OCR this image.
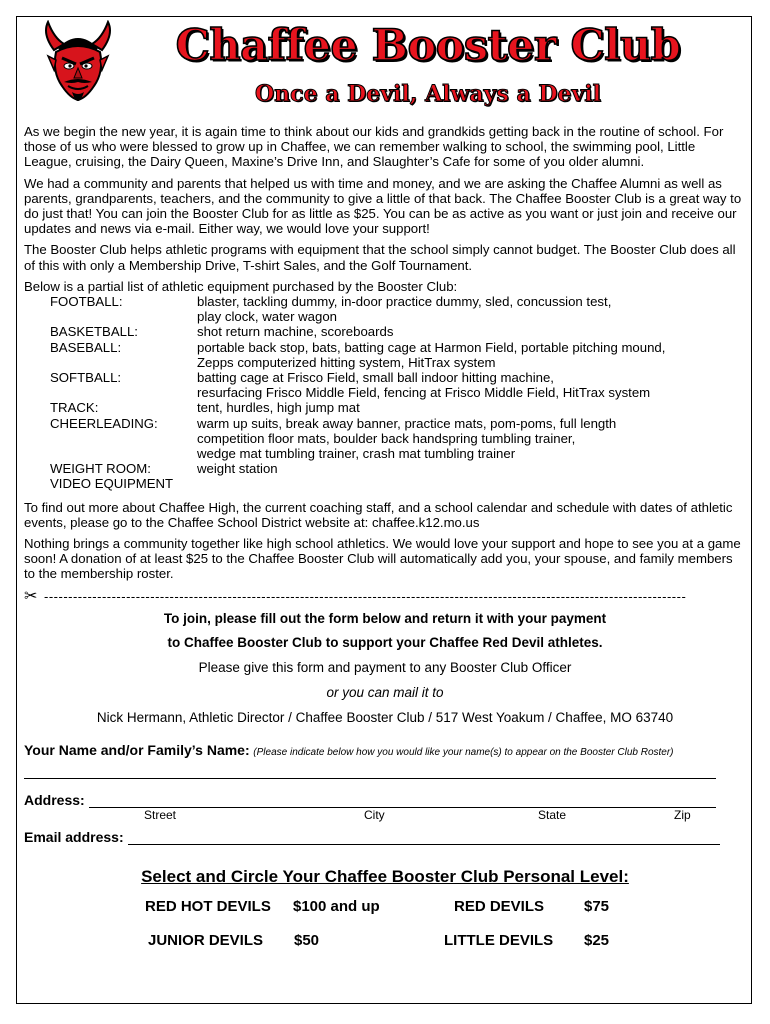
Chaffee Booster Club
Once a Devil, Always a Devil

As we begin the new year, it is again time to think about our kids and grandkids getting back in the routine of school. For those of us who were blessed to grow up in Chaffee, we can remember walking to school, the swimming pool, Little League, cruising, the Dairy Queen, Maxine’s Drive Inn, and Slaughter’s Cafe for some of you older alumni.

We had a community and parents that helped us with time and money, and we are asking the Chaffee Alumni as well as parents, grandparents, teachers, and the community to give a little of that back. The Chaffee Booster Club is a great way to do just that! You can join the Booster Club for as little as $25. You can be as active as you want or just join and receive our updates and news via e-mail. Either way, we would love your support!

The Booster Club helps athletic programs with equipment that the school simply cannot budget. The Booster Club does all of this with only a Membership Drive, T-shirt Sales, and the Golf Tournament.

Below is a partial list of athletic equipment purchased by the Booster Club:
FOOTBALL:	blaster, tackling dummy, in-door practice dummy, sled, concussion test,
play clock, water wagon
BASKETBALL:	shot return machine, scoreboards
BASEBALL:	portable back stop, bats, batting cage at Harmon Field, portable pitching mound,
Zepps computerized hitting system, HitTrax system
SOFTBALL:	batting cage at Frisco Field, small ball indoor hitting machine,
resurfacing Frisco Middle Field, fencing at Frisco Middle Field, HitTrax system
TRACK:	tent, hurdles, high jump mat
CHEERLEADING:	warm up suits, break away banner, practice mats, pom-poms, full length
competition floor mats, boulder back handspring tumbling trainer,
wedge mat tumbling trainer, crash mat tumbling trainer
WEIGHT ROOM:	weight station
VIDEO EQUIPMENT

To find out more about Chaffee High, the current coaching staff, and a school calendar and schedule with dates of athletic events, please go to the Chaffee School District website at: chaffee.k12.mo.us

Nothing brings a community together like high school athletics. We would love your support and hope to see you at a game soon! A donation of at least $25 to the Chaffee Booster Club will automatically add you, your spouse, and family members to the membership roster.

✂ -------------------------------------------------------------------------------------------------------------------------------------

To join, please fill out the form below and return it with your payment

to Chaffee Booster Club to support your Chaffee Red Devil athletes.

Please give this form and payment to any Booster Club Officer

or you can mail it to

Nick Hermann, Athletic Director / Chaffee Booster Club / 517 West Yoakum / Chaffee, MO 63740

Your Name and/or Family’s Name: (Please indicate below how you would like your name(s) to appear on the Booster Club Roster)
Address:
Street	City	State	Zip
Email address:
Select and Circle Your Chaffee Booster Club Personal Level:
RED HOT DEVILS $100 and up	RED DEVILS	$75
JUNIOR DEVILS $50	LITTLE DEVILS $25
